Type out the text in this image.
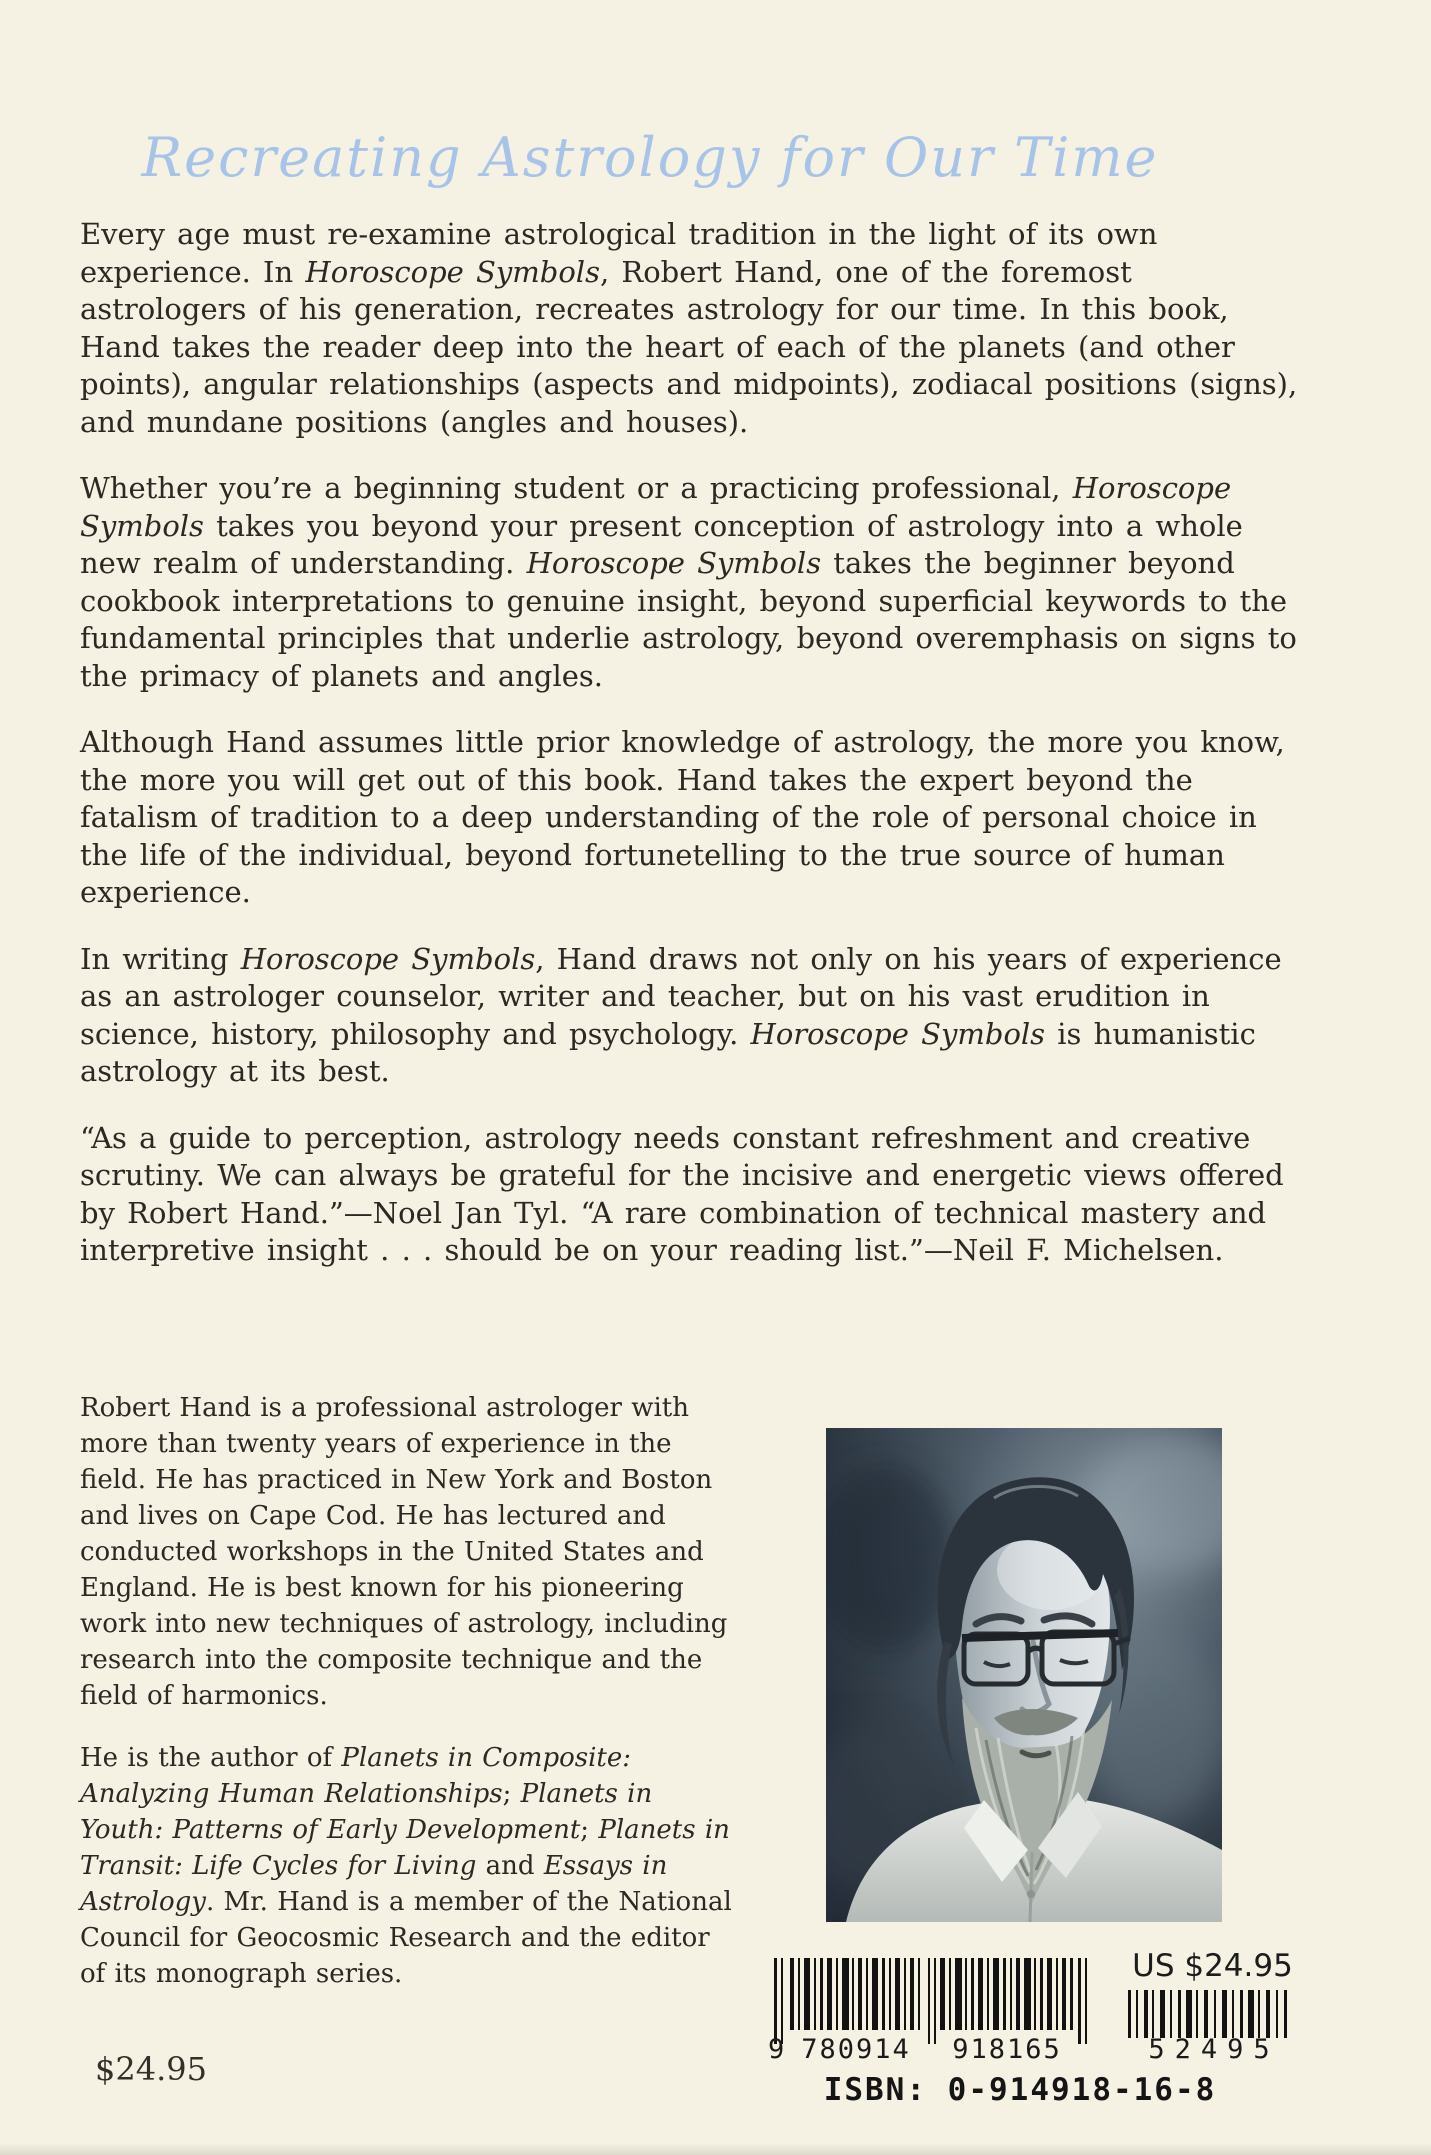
Recreating Astrology for Our Time

Every age must re-examine astrological tradition in the light of its own experience. In Horoscope Symbols, Robert Hand, one of the foremost astrologers of his generation, recreates astrology for our time. In this book, Hand takes the reader deep into the heart of each of the planets (and other points), angular relationships (aspects and midpoints), zodiacal positions (signs), and mundane positions (angles and houses).

Whether you’re a beginning student or a practicing professional, Horoscope Symbols takes you beyond your present conception of astrology into a whole new realm of understanding. Horoscope Symbols takes the beginner beyond cookbook interpretations to genuine insight, beyond superficial keywords to the fundamental principles that underlie astrology, beyond overemphasis on signs to the primacy of planets and angles.

Although Hand assumes little prior knowledge of astrology, the more you know, the more you will get out of this book. Hand takes the expert beyond the fatalism of tradition to a deep understanding of the role of personal choice in the life of the individual, beyond fortunetelling to the true source of human experience.

In writing Horoscope Symbols, Hand draws not only on his years of experience as an astrologer counselor, writer and teacher, but on his vast erudition in science, history, philosophy and psychology. Horoscope Symbols is humanistic astrology at its best.

“As a guide to perception, astrology needs constant refreshment and creative scrutiny. We can always be grateful for the incisive and energetic views offered by Robert Hand.”—Noel Jan Tyl. “A rare combination of technical mastery and interpretive insight . . . should be on your reading list.”—Neil F. Michelsen.

Robert Hand is a professional astrologer with more than twenty years of experience in the field. He has practiced in New York and Boston and lives on Cape Cod. He has lectured and conducted workshops in the United States and England. He is best known for his pioneering work into new techniques of astrology, including research into the composite technique and the field of harmonics.

He is the author of Planets in Composite: Analyzing Human Relationships; Planets in Youth: Patterns of Early Development; Planets in Transit: Life Cycles for Living and Essays in Astrology. Mr. Hand is a member of the National Council for Geocosmic Research and the editor of its monograph series.

9 780914 918165
US $24.95
52495
ISBN: 0-914918-16-8
$24.95
